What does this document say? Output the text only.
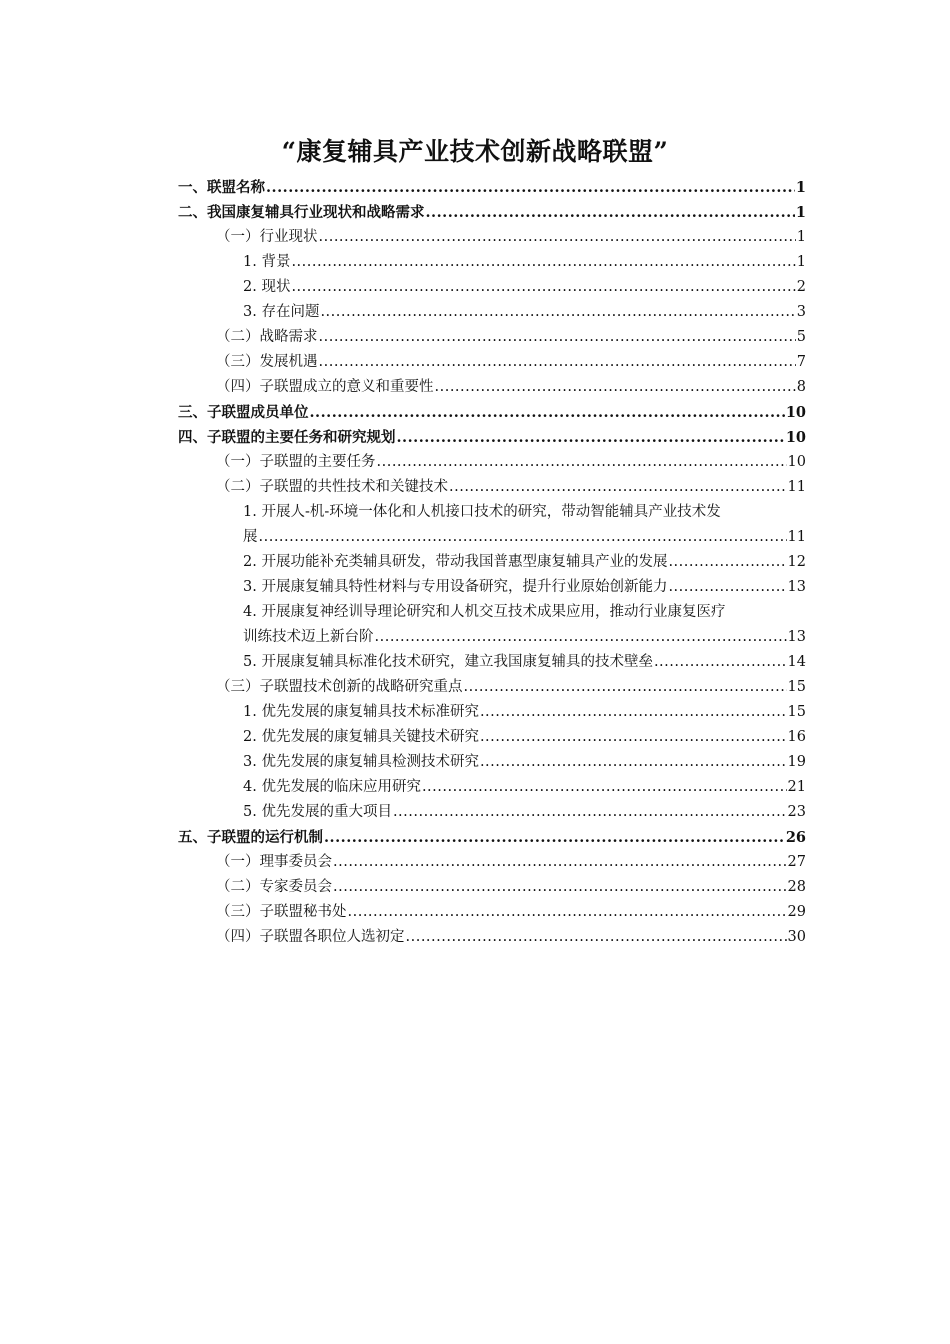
“康复辅具产业技术创新战略联盟”
一、联盟名称 .....	1
二、我国康复辅具行业现状和战略需求 .....	1
（一）行业现状 .....	1
1. 背景 .....	1
2. 现状 .....	2
3. 存在问题 .....	3
（二）战略需求 .....	5
（三）发展机遇 .....	7
（四）子联盟成立的意义和重要性 .....	8
三、子联盟成员单位 .....	10
四、子联盟的主要任务和研究规划 .....	10
（一）子联盟的主要任务 .....	10
（二）子联盟的共性技术和关键技术 .....	11
1. 开展人-机-环境一体化和人机接口技术的研究，带动智能辅具产业技术发
展 .....	11
2. 开展功能补充类辅具研发，带动我国普惠型康复辅具产业的发展 .....	12
3. 开展康复辅具特性材料与专用设备研究，提升行业原始创新能力 .....	13
4. 开展康复神经训导理论研究和人机交互技术成果应用，推动行业康复医疗
训练技术迈上新台阶 .....	13
5. 开展康复辅具标准化技术研究，建立我国康复辅具的技术壁垒 .....	14
（三）子联盟技术创新的战略研究重点 .....	15
1. 优先发展的康复辅具技术标准研究 .....	15
2. 优先发展的康复辅具关键技术研究 .....	16
3. 优先发展的康复辅具检测技术研究 .....	19
4. 优先发展的临床应用研究 .....	21
5. 优先发展的重大项目 .....	23
五、子联盟的运行机制 .....	26
（一）理事委员会 .....	27
（二）专家委员会 .....	28
（三）子联盟秘书处 .....	29
（四）子联盟各职位人选初定 .....	30
